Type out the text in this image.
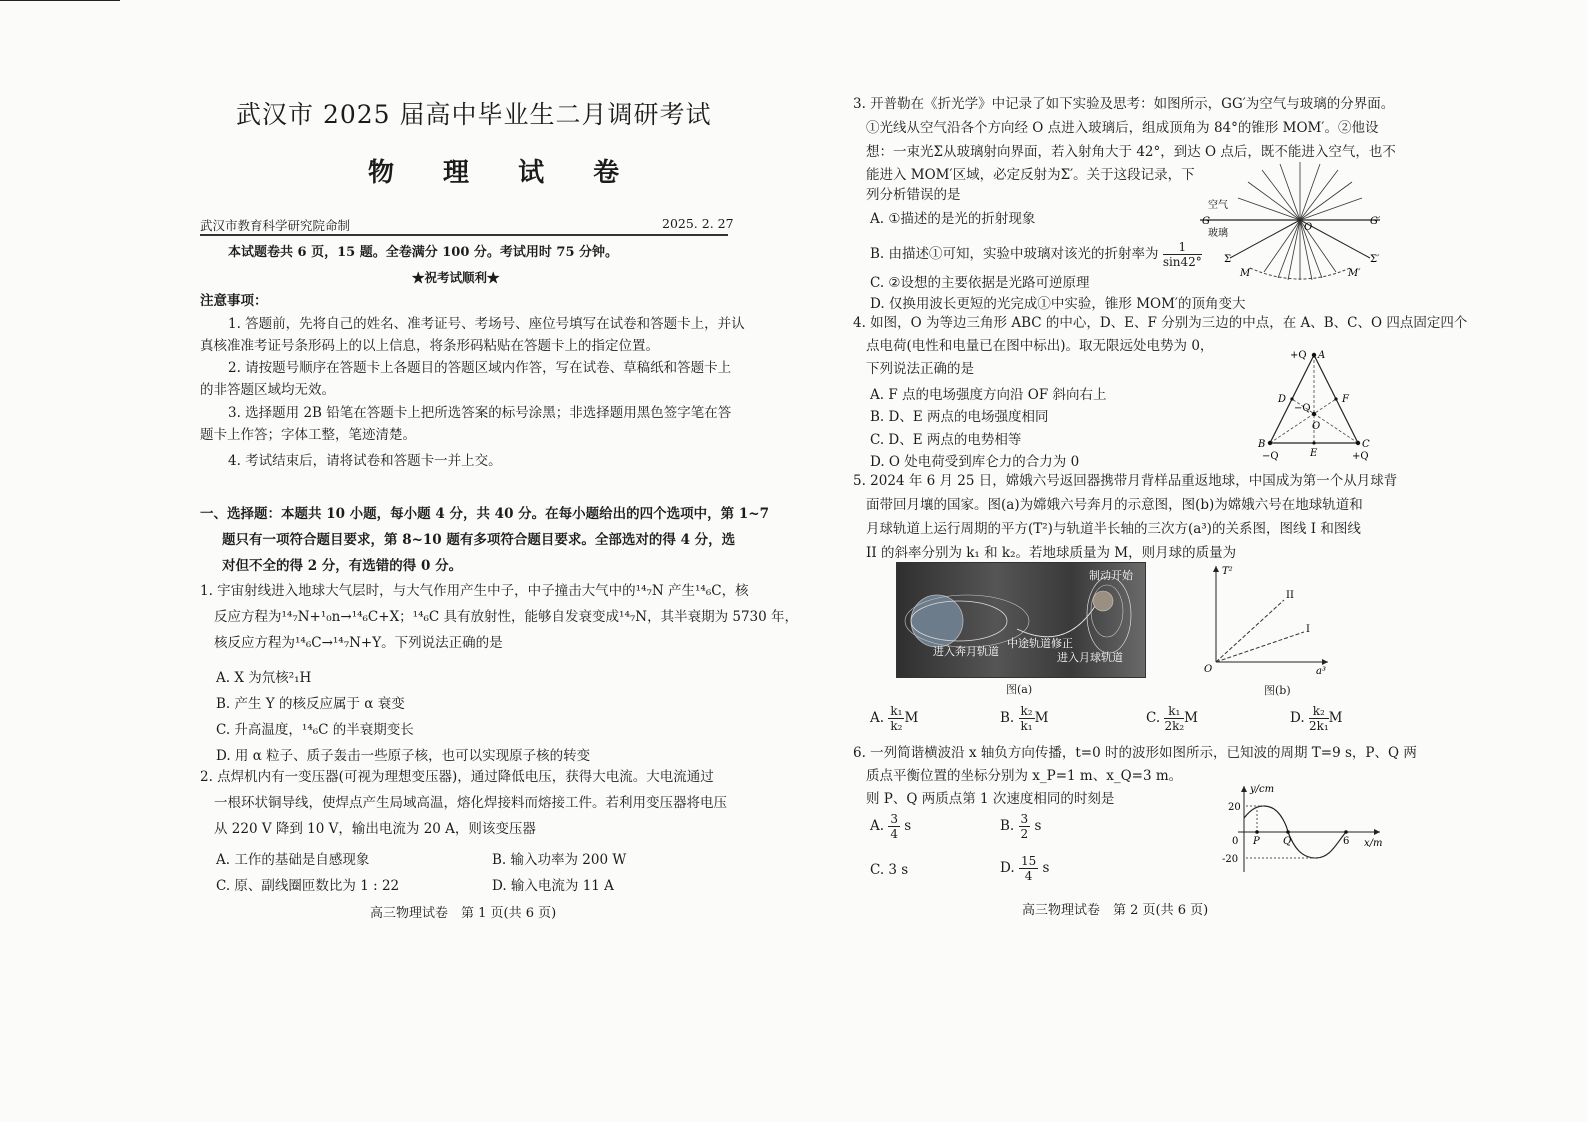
武汉市 2025 届高中毕业生二月调研考试
物 理 试 卷
武汉市教育科学研究院命制	2025. 2. 27
本试题卷共 6 页，15 题。全卷满分 100 分。考试用时 75 分钟。
★祝考试顺利★
注意事项：
1. 答题前，先将自己的姓名、准考证号、考场号、座位号填写在试卷和答题卡上，并认
真核准准考证号条形码上的以上信息，将条形码粘贴在答题卡上的指定位置。
2. 请按题号顺序在答题卡上各题目的答题区域内作答，写在试卷、草稿纸和答题卡上
的非答题区域均无效。
3. 选择题用 2B 铅笔在答题卡上把所选答案的标号涂黑；非选择题用黑色签字笔在答
题卡上作答；字体工整，笔迹清楚。
4. 考试结束后，请将试卷和答题卡一并上交。
一、选择题：本题共 10 小题，每小题 4 分，共 40 分。在每小题给出的四个选项中，第 1~7
题只有一项符合题目要求，第 8~10 题有多项符合题目要求。全部选对的得 4 分，选
对但不全的得 2 分，有选错的得 0 分。
1. 宇宙射线进入地球大气层时，与大气作用产生中子，中子撞击大气中的¹⁴₇N 产生¹⁴₆C，核
反应方程为¹⁴₇N+¹₀n→¹⁴₆C+X；¹⁴₆C 具有放射性，能够自发衰变成¹⁴₇N，其半衰期为 5730 年，
核反应方程为¹⁴₆C→¹⁴₇N+Y。下列说法正确的是
A. X 为氘核²₁H
B. 产生 Y 的核反应属于 α 衰变
C. 升高温度，¹⁴₆C 的半衰期变长
D. 用 α 粒子、质子轰击一些原子核，也可以实现原子核的转变
2. 点焊机内有一变压器(可视为理想变压器)，通过降低电压，获得大电流。大电流通过
一根环状铜导线，使焊点产生局域高温，熔化焊接料而熔接工件。若利用变压器将电压
从 220 V 降到 10 V，输出电流为 20 A，则该变压器
A. 工作的基础是自感现象	B. 输入功率为 200 W
C. 原、副线圈匝数比为 1 : 22	D. 输入电流为 11 A
高三物理试卷　第 1 页(共 6 页)
3. 开普勒在《折光学》中记录了如下实验及思考：如图所示，GG′为空气与玻璃的分界面。
①光线从空气沿各个方向经 O 点进入玻璃后，组成顶角为 84°的锥形 MOM′。②他设
想：一束光Σ从玻璃射向界面，若入射角大于 42°，到达 O 点后，既不能进入空气，也不
能进入 MOM′区域，必定反射为Σ′。关于这段记录，下
列分析错误的是
A. ①描述的是光的折射现象
B. 由描述①可知，实验中玻璃对该光的折射率为 $\frac{1}{\sin 42^\circ}$
C. ②设想的主要依据是光路可逆原理
D. 仅换用波长更短的光完成①中实验，锥形 MOM′的顶角变大
空气
G
玻璃
G′
O
Σ	Σ′
M	M′
4. 如图，O 为等边三角形 ABC 的中心，D、E、F 分别为三边的中点，在 A、B、C、O 四点固定四个
点电荷(电性和电量已在图中标出)。取无限远处电势为 0，
下列说法正确的是
A. F 点的电场强度方向沿 OF 斜向右上
B. D、E 两点的电场强度相同
C. D、E 两点的电势相等
D. O 处电荷受到库仑力的合力为 0
+Q A
D	F
−Q
O
B	C
E
−Q	+Q
5. 2024 年 6 月 25 日，嫦娥六号返回器携带月背样品重返地球，中国成为第一个从月球背
面带回月壤的国家。图(a)为嫦娥六号奔月的示意图，图(b)为嫦娥六号在地球轨道和
月球轨道上运行周期的平方(T²)与轨道半长轴的三次方(a³)的关系图，图线 I 和图线
II 的斜率分别为 k₁ 和 k₂。若地球质量为 M，则月球的质量为
制动开始
中途轨道修正
进入奔月轨道	进入月球轨道
图(a)
T²
a³
O
I
II
图(b)
A. $\frac{\text{k₁}}{\text{k₂}}$ M	B. $\frac{\text{k₂}}{\text{k₁}}$ M	C. $\frac{\text{k₁}}{\text{2k₂}}$ M	D. $\frac{\text{k₂}}{\text{2k₁}}$ M
6. 一列简谐横波沿 x 轴负方向传播，t=0 时的波形如图所示，已知波的周期 T=9 s，P、Q 两
质点平衡位置的坐标分别为 x_P=1 m、x_Q=3 m。
则 P、Q 两质点第 1 次速度相同的时刻是
A. $\frac{3}{4}$ s	B. $\frac{3}{2}$ s
C. 3 s	D. $\frac{15}{4}$ s
y/cm
x/m
20
-20
0 P Q	6
高三物理试卷　第 2 页(共 6 页)
